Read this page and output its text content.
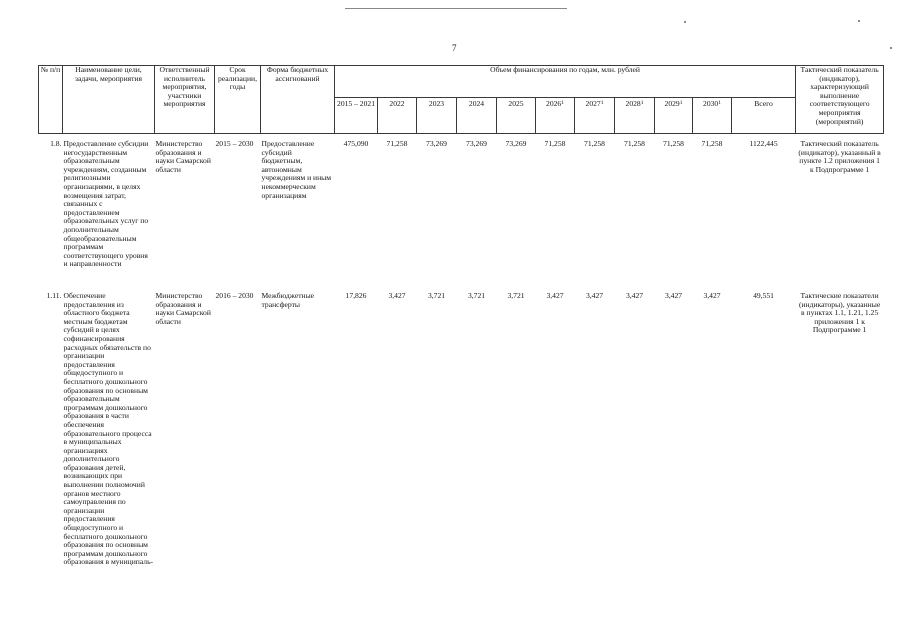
7
№ п/п	Наименование цели, задачи, мероприятия	Ответственный исполнитель мероприятия, участники мероприятия	Срок реализации, годы	Форма бюджетных ассигнований	Объем финансирования по годам, млн. рублей											Тактический показатель (индикатор), характеризующий выполнение соответствующего мероприятия (мероприятий)
					2015 – 2021	2022	2023	2024	2025	2026$^1$	2027$^1$	2028$^1$	2029$^1$	2030$^1$	Всего	

1.8.	Предоставление субсидии негосударственным образовательным учреждениям, созданным религиозными организациями, в целях возмещения затрат, связанных с предоставлением образовательных услуг по дополнительным общеобразовательным программам соответствующего уровня и направленности	Министерство образования и науки Самарской области	2015 – 2030	Предоставление субсидий бюджетным, автономным учреждениям и иным некоммерческим организациям	475,090	71,258	73,269	73,269	73,269	71,258	71,258	71,258	71,258	71,258	1122,445	Тактический показатель (индикатор), указанный в пункте 1.2 приложения 1 к Подпрограмме 1
1.11.	Обеспечение предоставления из областного бюджета местным бюджетам субсидий в целях софинансирования расходных обязательств по организации предоставления общедоступного и бесплатного дошкольного образования по основным образовательным программам дошкольного образования в части обеспечения образовательного процесса в муниципальных организациях дополнительного образования детей, возникающих при выполнении полномочий органов местного самоуправления по организации предоставления общедоступного и бесплатного дошкольного образования по основным программам дошкольного образования в муниципаль-	Министерство образования и науки Самарской области	2016 – 2030	Межбюджетные трансферты	17,826	3,427	3,721	3,721	3,721	3,427	3,427	3,427	3,427	3,427	49,551	Тактические показатели (индикаторы), указанные в пунктах 1.1, 1.21, 1.25 приложения 1 к Подпрограмме 1
